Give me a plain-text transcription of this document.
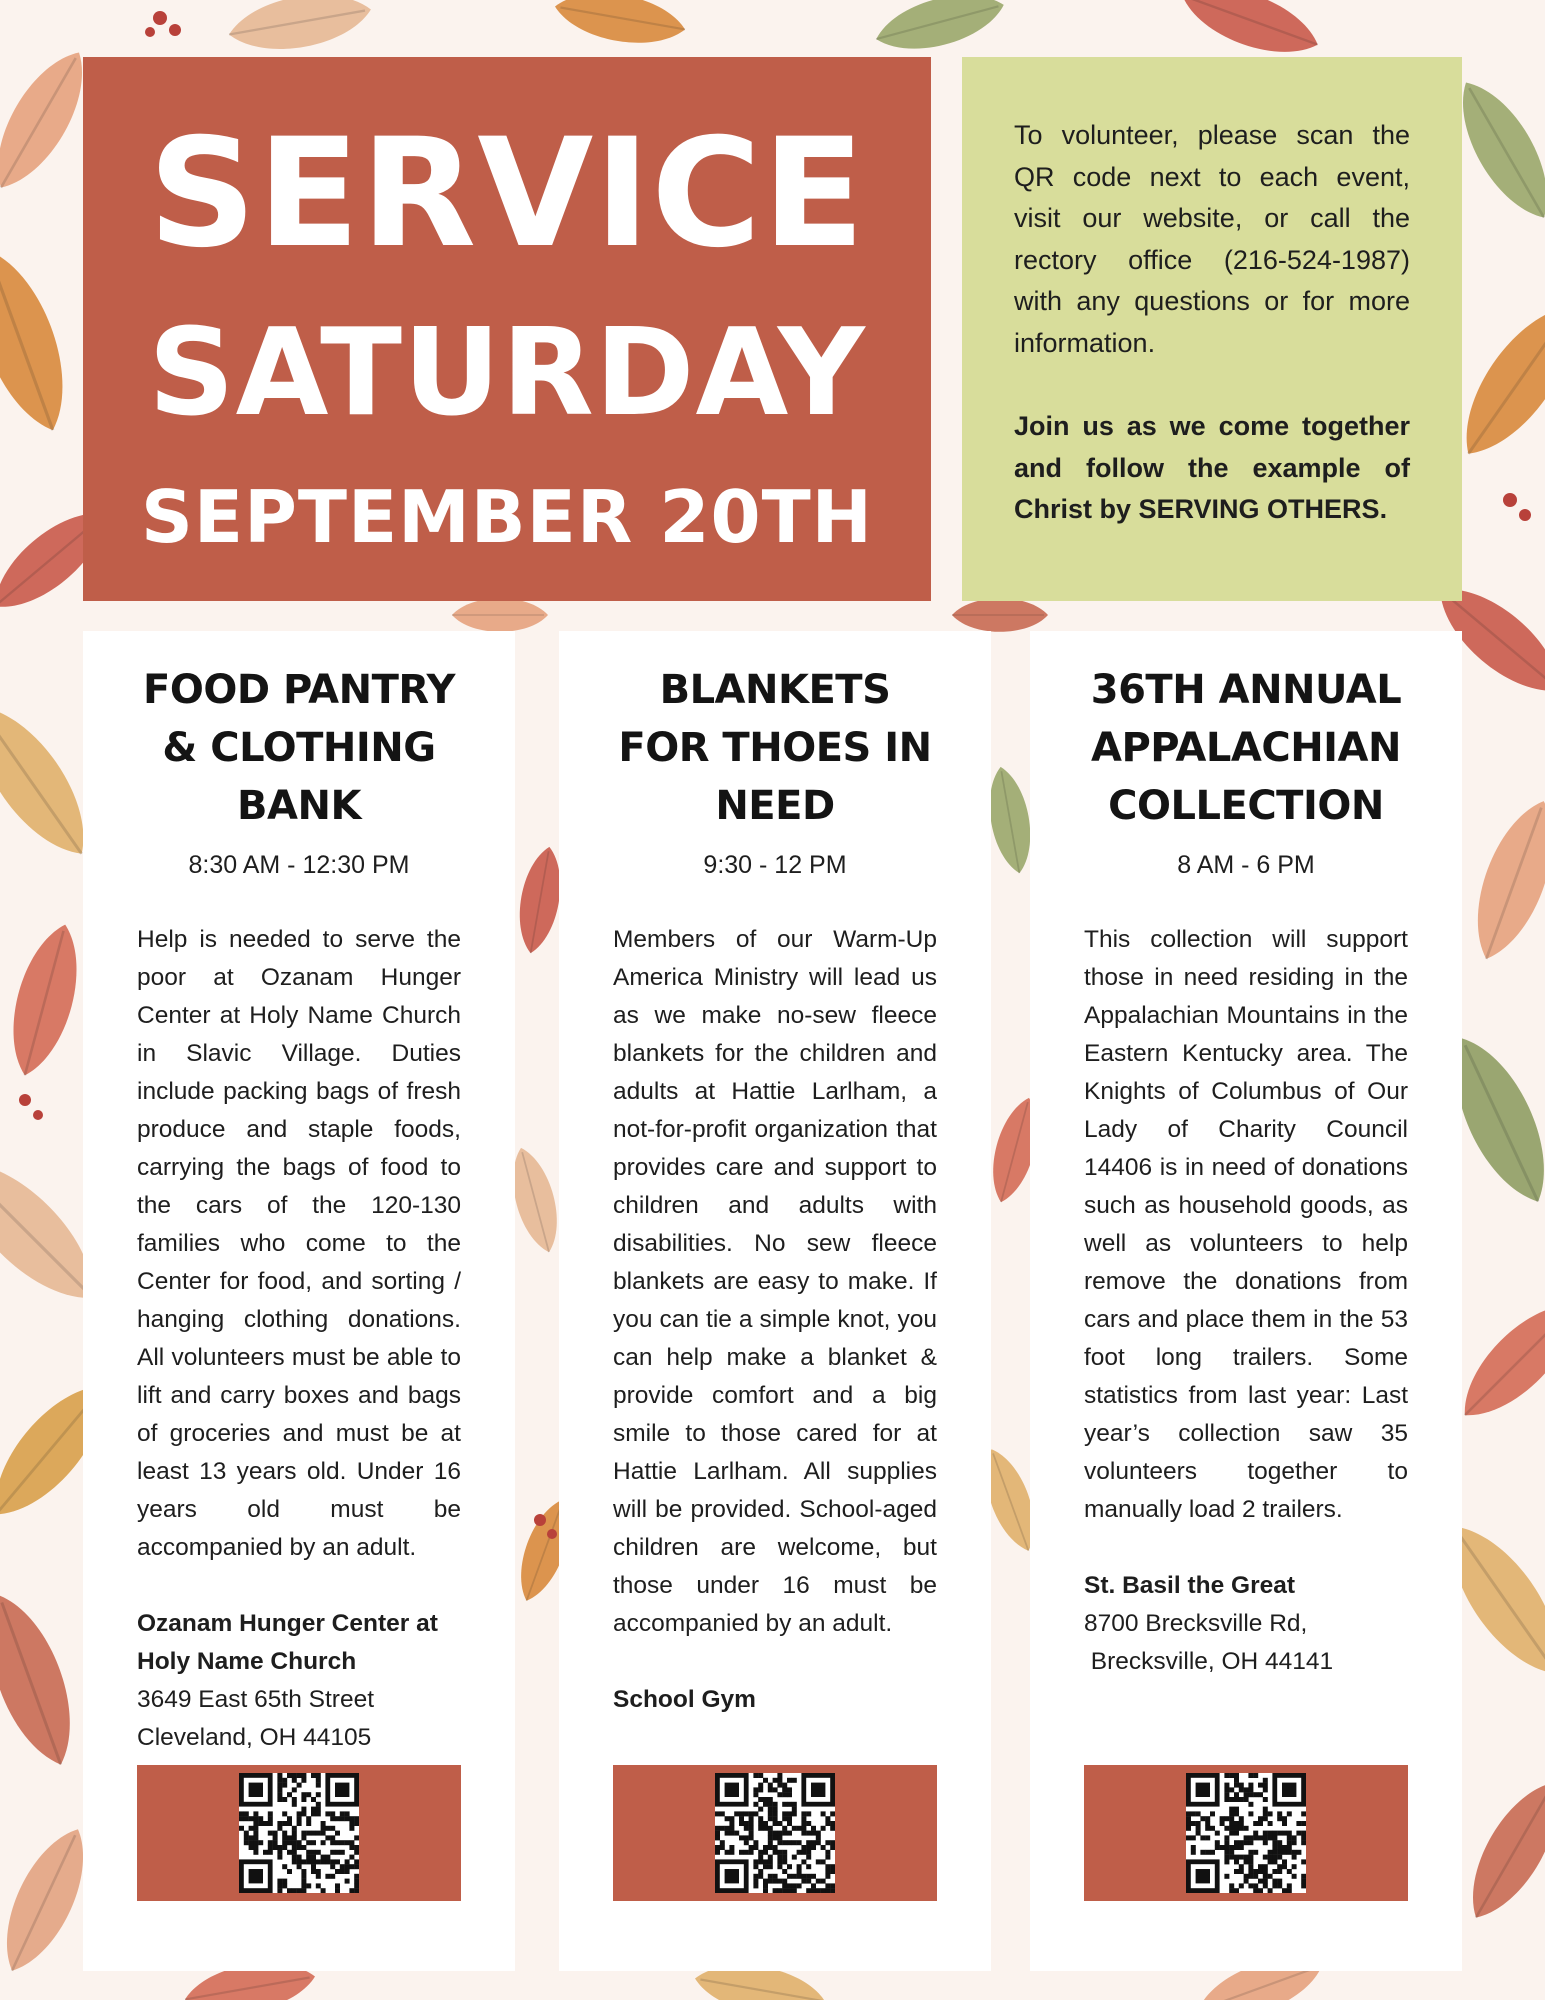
SERVICE
SATURDAY
SEPTEMBER 20TH

To volunteer, please scan the QR code next to each event, visit our website, or call the rectory office (216-524-1987) with any questions or for more information.

Join us as we come together and follow the example of Christ by SERVING OTHERS.

FOOD PANTRY & CLOTHING BANK
8:30 AM - 12:30 PM
Help is needed to serve the poor at Ozanam Hunger Center at Holy Name Church in Slavic Village. Duties include packing bags of fresh produce and staple foods, carrying the bags of food to the cars of the 120-130 families who come to the Center for food, and sorting / hanging clothing donations. All volunteers must be able to lift and carry boxes and bags of groceries and must be at least 13 years old. Under 16 years old must be accompanied by an adult.
Ozanam Hunger Center at Holy Name Church
3649 East 65th Street
Cleveland, OH 44105
BLANKETS FOR THOES IN NEED
9:30 - 12 PM
Members of our Warm-Up America Ministry will lead us as we make no-sew fleece blankets for the children and adults at Hattie Larlham, a not-for-profit organization that provides care and support to children and adults with disabilities. No sew fleece blankets are easy to make. If you can tie a simple knot, you can help make a blanket & provide comfort and a big smile to those cared for at Hattie Larlham. All supplies will be provided. School-aged children are welcome, but those under 16 must be accompanied by an adult.
School Gym
36TH ANNUAL APPALACHIAN COLLECTION
8 AM - 6 PM
This collection will support those in need residing in the Appalachian Mountains in the Eastern Kentucky area. The Knights of Columbus of Our Lady of Charity Council 14406 is in need of donations such as household goods, as well as volunteers to help remove the donations from cars and place them in the 53 foot long trailers. Some statistics from last year: Last year’s collection saw 35 volunteers together to manually load 2 trailers.
St. Basil the Great
8700 Brecksville Rd,
Brecksville, OH 44141
